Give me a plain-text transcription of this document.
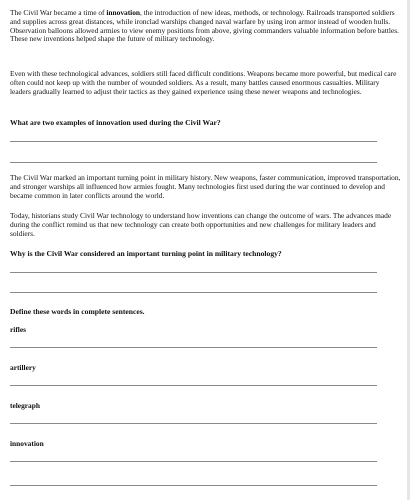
The Civil War became a time of innovation, the introduction of new ideas, methods, or technology. Railroads transported soldiers and supplies across great distances, while ironclad warships changed naval warfare by using iron armor instead of wooden hulls. Observation balloons allowed armies to view enemy positions from above, giving commanders valuable information before battles. These new inventions helped shape the future of military technology.
Even with these technological advances, soldiers still faced difficult conditions. Weapons became more powerful, but medical care often could not keep up with the number of wounded soldiers. As a result, many battles caused enormous casualties. Military leaders gradually learned to adjust their tactics as they gained experience using these newer weapons and technologies.
What are two examples of innovation used during the Civil War?
The Civil War marked an important turning point in military history. New weapons, faster communication, improved transportation, and stronger warships all influenced how armies fought. Many technologies first used during the war continued to develop and became common in later conflicts around the world.
Today, historians study Civil War technology to understand how inventions can change the outcome of wars. The advances made during the conflict remind us that new technology can create both opportunities and new challenges for military leaders and soldiers.
Why is the Civil War considered an important turning point in military technology?
Define these words in complete sentences.
rifles
artillery
telegraph
innovation
